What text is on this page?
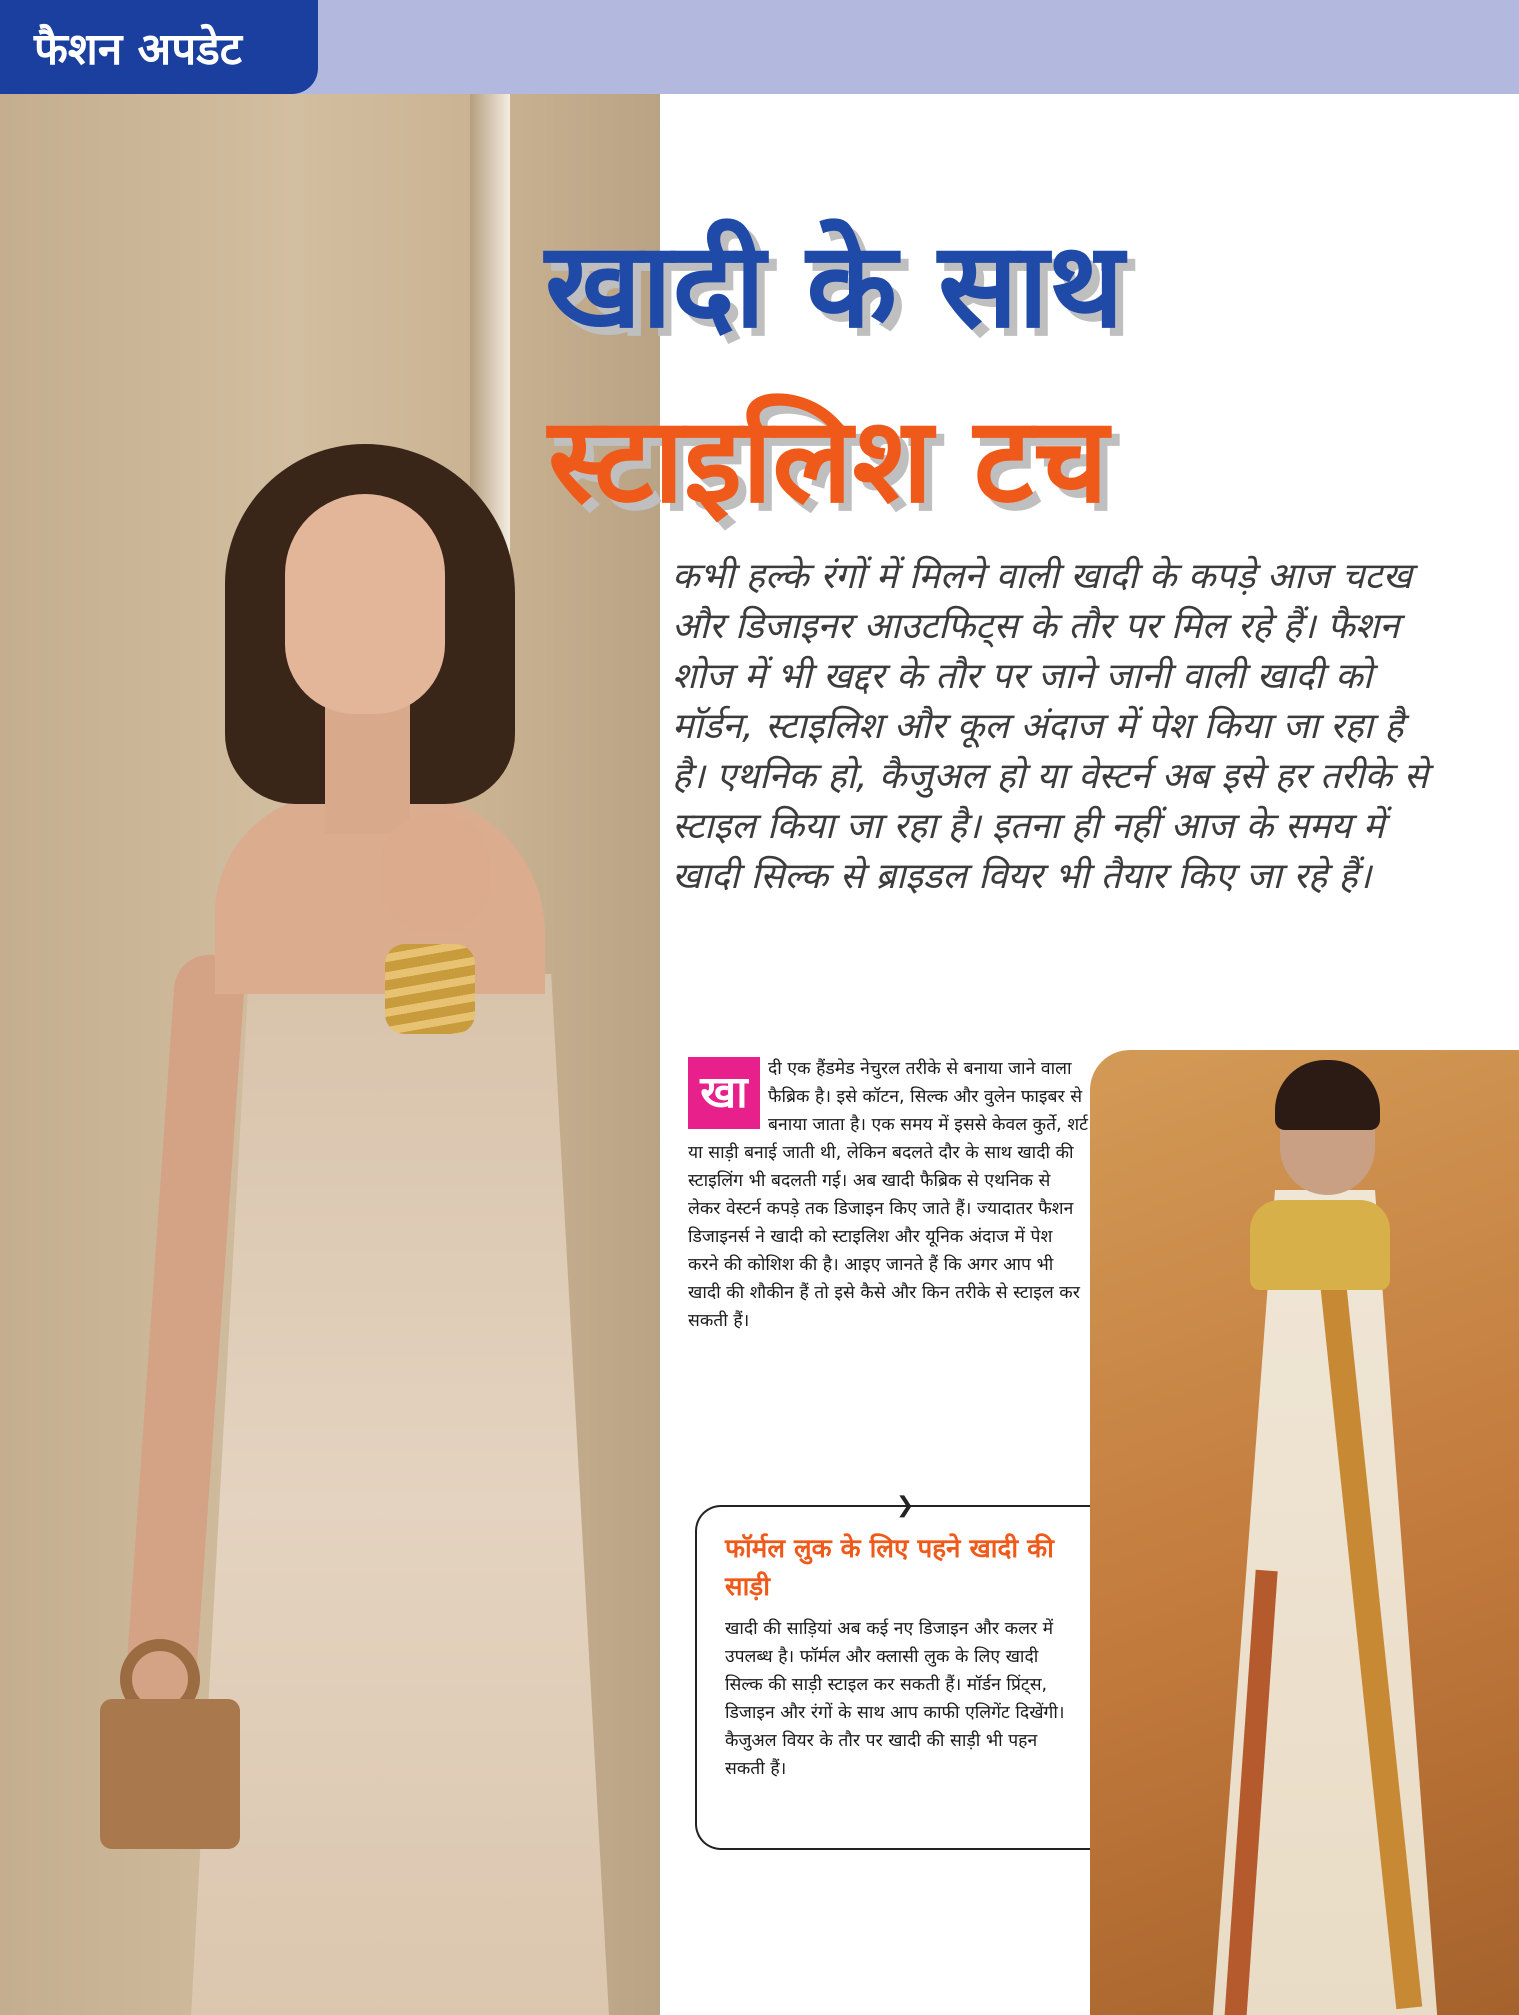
फैशन अपडेट
खादी के साथ
स्टाइलिश टच

कभी हल्के रंगों में मिलने वाली खादी के कपड़े आज चटख और डिजाइनर आउटफिट्स के तौर पर मिल रहे हैं। फैशन शोज में भी खद्दर के तौर पर जाने जानी वाली खादी को मॉर्डन, स्टाइलिश और कूल अंदाज में पेश किया जा रहा है है। एथनिक हो, कैजुअल हो या वेस्टर्न अब इसे हर तरीके से स्टाइल किया जा रहा है। इतना ही नहीं आज के समय में खादी सिल्क से ब्राइडल वियर भी तैयार किए जा रहे हैं।

खा	दी एक हैंडमेड नेचुरल तरीके से बनाया जाने वाला फैब्रिक है। इसे कॉटन, सिल्क और वुलेन फाइबर से बनाया जाता है। एक समय में इससे केवल कुर्ते, शर्ट या साड़ी बनाई जाती थी, लेकिन बदलते दौर के साथ खादी की स्टाइलिंग भी बदलती गई। अब खादी फैब्रिक से एथनिक से लेकर वेस्टर्न कपड़े तक डिजाइन किए जाते हैं। ज्यादातर फैशन डिजाइनर्स ने खादी को स्टाइलिश और यूनिक अंदाज में पेश करने की कोशिश की है। आइए जानते हैं कि अगर आप भी खादी की शौकीन हैं तो इसे कैसे और किन तरीके से स्टाइल कर सकती हैं।
❯
फॉर्मल लुक के लिए पहने खादी की साड़ी

खादी की साड़ियां अब कई नए डिजाइन और कलर में उपलब्ध है। फॉर्मल और क्लासी लुक के लिए खादी सिल्क की साड़ी स्टाइल कर सकती हैं। मॉर्डन प्रिंट्स, डिजाइन और रंगों के साथ आप काफी एलिगेंट दिखेंगी। कैजुअल वियर के तौर पर खादी की साड़ी भी पहन सकती हैं।
